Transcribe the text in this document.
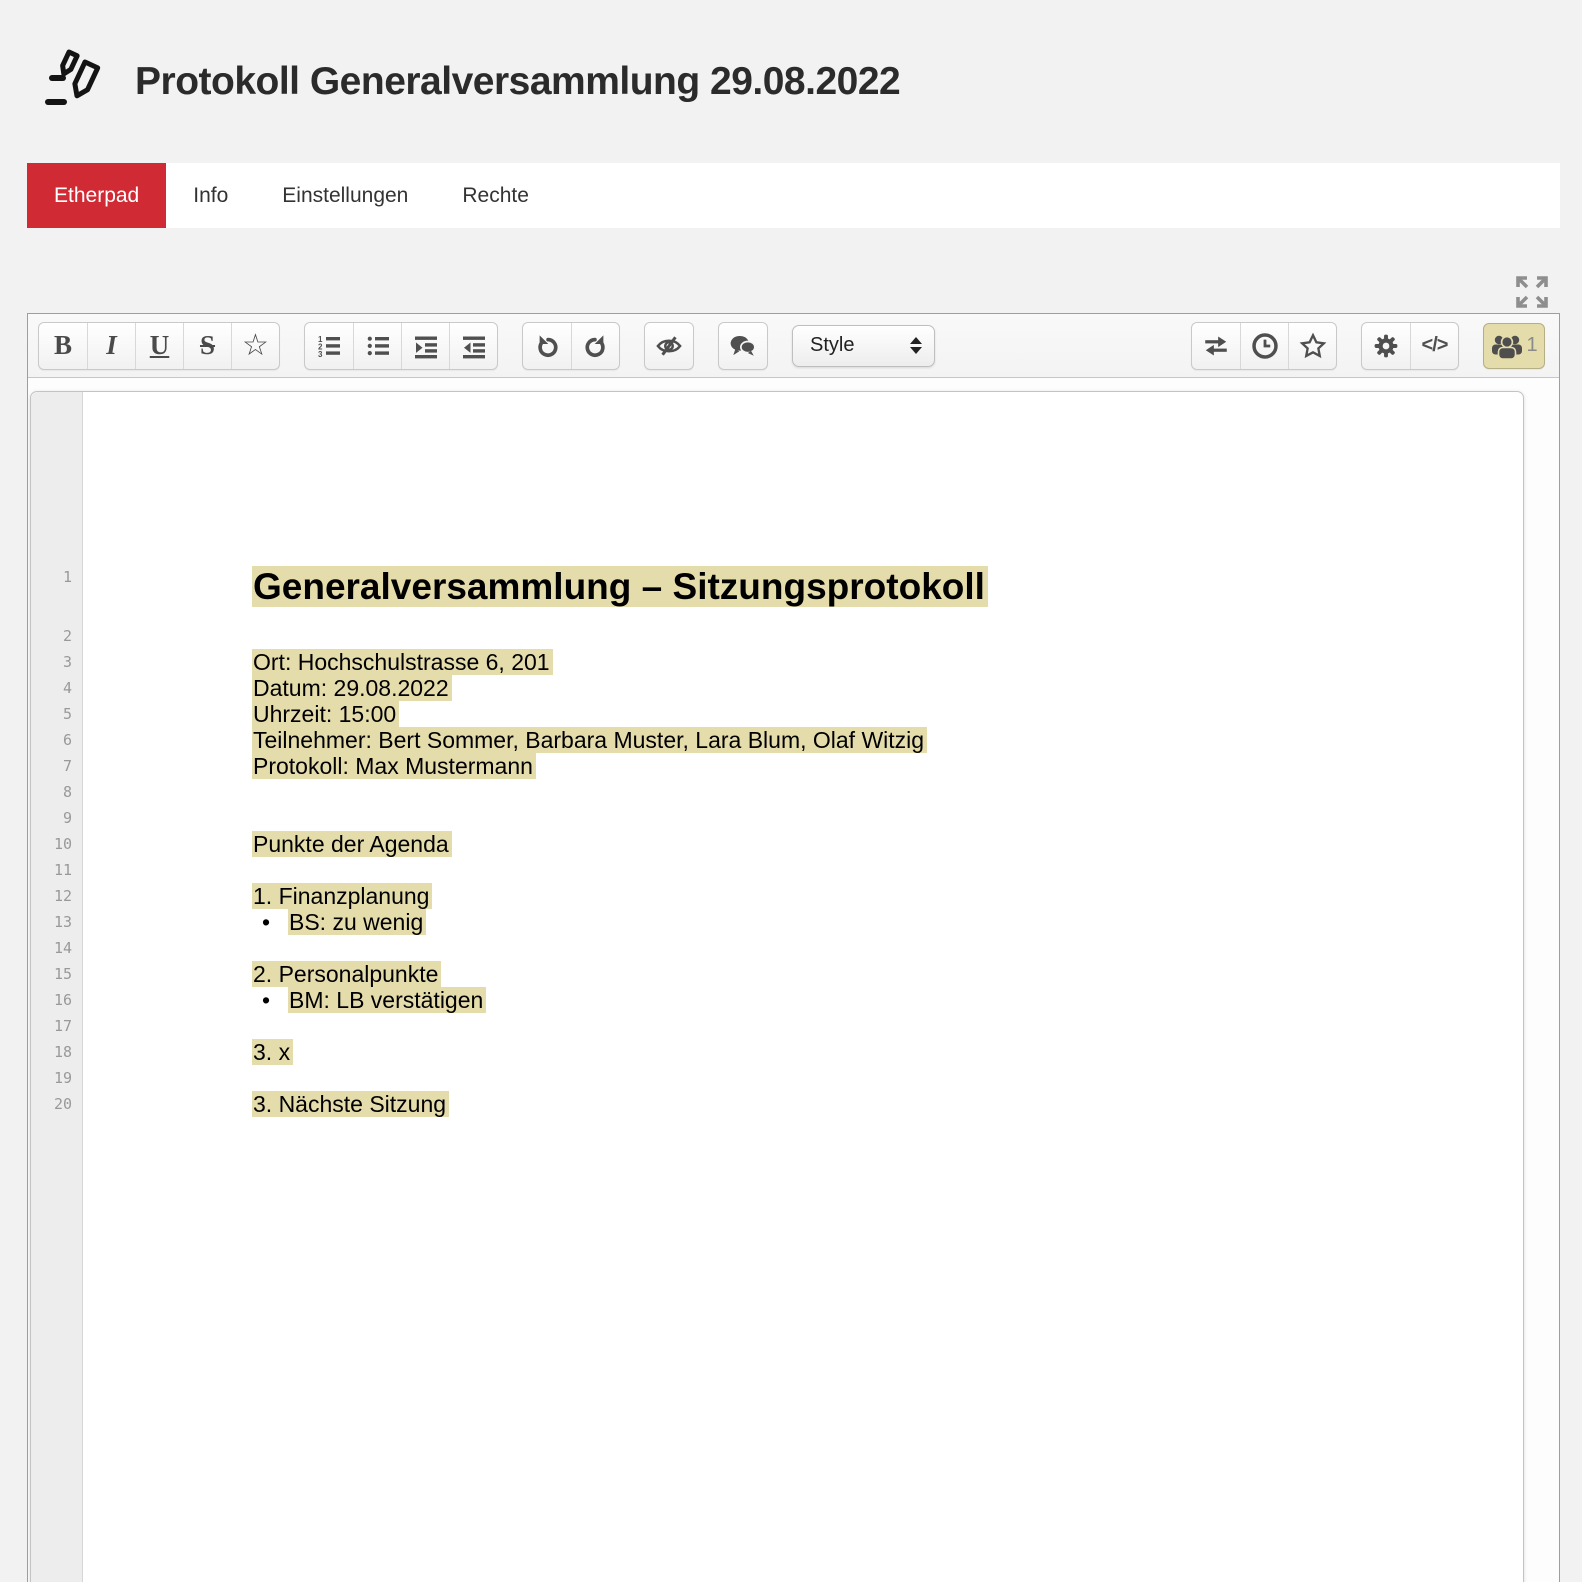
Protokoll Generalversammlung 29.08.2022
Etherpad	Info	Einstellungen	Rechte
B I U S ☆	1
2
3	Style	</>	1
1	Generalversammlung – Sitzungsprotokoll
2

3	Ort: Hochschulstrasse 6, 201
4	Datum: 29.08.2022
5	Uhrzeit: 15:00
6	Teilnehmer: Bert Sommer, Barbara Muster, Lara Blum, Olaf Witzig
7	Protokoll: Max Mustermann
8

9

10	Punkte der Agenda
11

12	1. Finanzplanung
13	• BS: zu wenig
14

15	2. Personalpunkte
16	• BM: LB verstätigen
17

18	3. x
19

20	3. Nächste Sitzung
